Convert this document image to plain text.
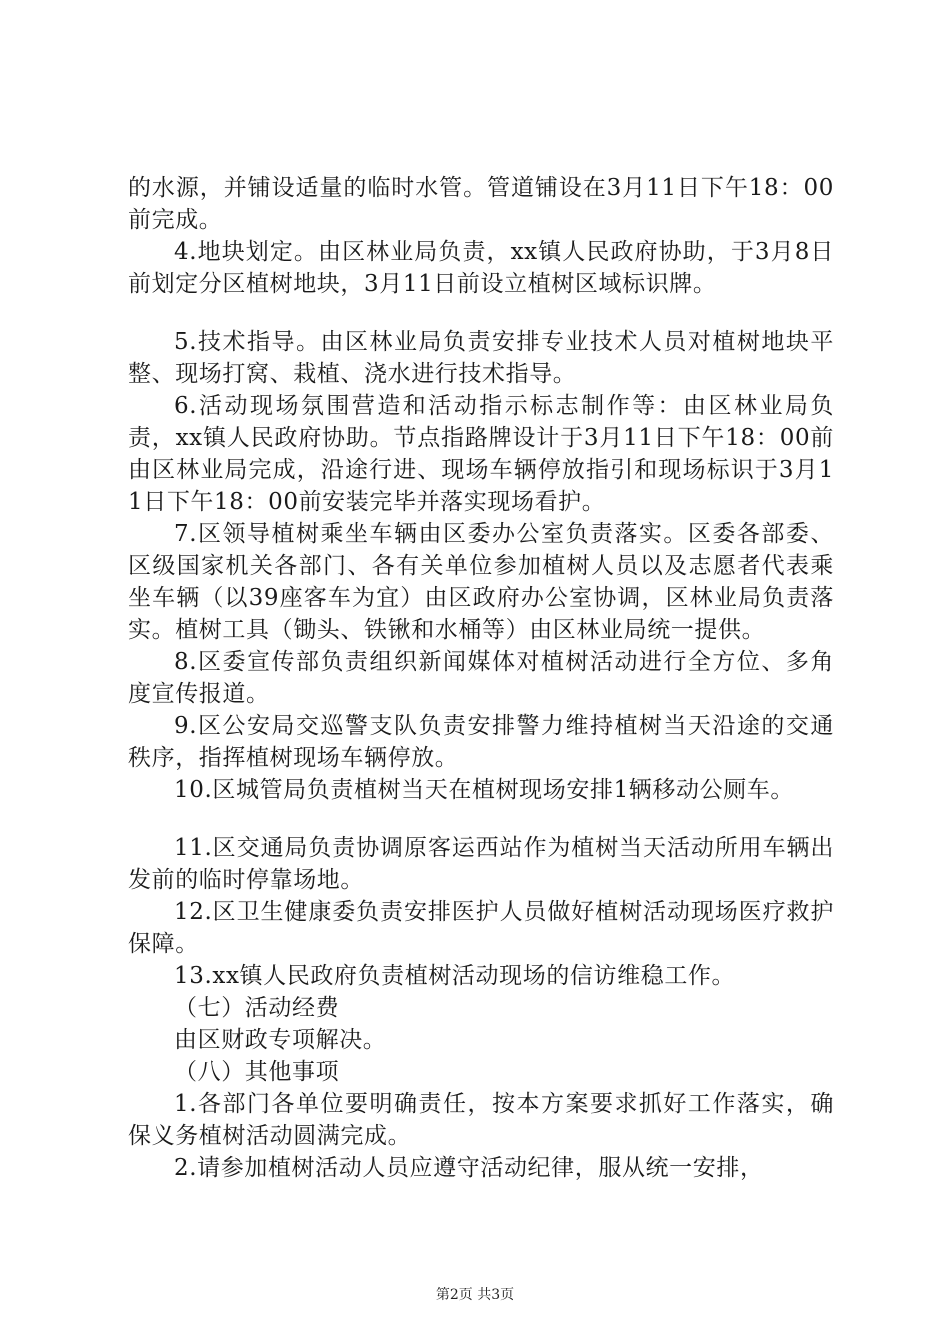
的水源，并铺设适量的临时水管。管道铺设在3月11日下午18：00前完成。

4.地块划定。由区林业局负责，xx镇人民政府协助，于3月8日前划定分区植树地块，3月11日前设立植树区域标识牌。

5.技术指导。由区林业局负责安排专业技术人员对植树地块平整、现场打窝、栽植、浇水进行技术指导。

6.活动现场氛围营造和活动指示标志制作等：由区林业局负责，xx镇人民政府协助。节点指路牌设计于3月11日下午18：00前由区林业局完成，沿途行进、现场车辆停放指引和现场标识于3月11日下午18：00前安装完毕并落实现场看护。

7.区领导植树乘坐车辆由区委办公室负责落实。区委各部委、区级国家机关各部门、各有关单位参加植树人员以及志愿者代表乘坐车辆（以39座客车为宜）由区政府办公室协调，区林业局负责落实。植树工具（锄头、铁锹和水桶等）由区林业局统一提供。

8.区委宣传部负责组织新闻媒体对植树活动进行全方位、多角度宣传报道。

9.区公安局交巡警支队负责安排警力维持植树当天沿途的交通秩序，指挥植树现场车辆停放。

10.区城管局负责植树当天在植树现场安排1辆移动公厕车。

11.区交通局负责协调原客运西站作为植树当天活动所用车辆出发前的临时停靠场地。

12.区卫生健康委负责安排医护人员做好植树活动现场医疗救护保障。

13.xx镇人民政府负责植树活动现场的信访维稳工作。

（七）活动经费

由区财政专项解决。

（八）其他事项

1.各部门各单位要明确责任，按本方案要求抓好工作落实，确保义务植树活动圆满完成。

2.请参加植树活动人员应遵守活动纪律，服从统一安排，

第2页 共3页
